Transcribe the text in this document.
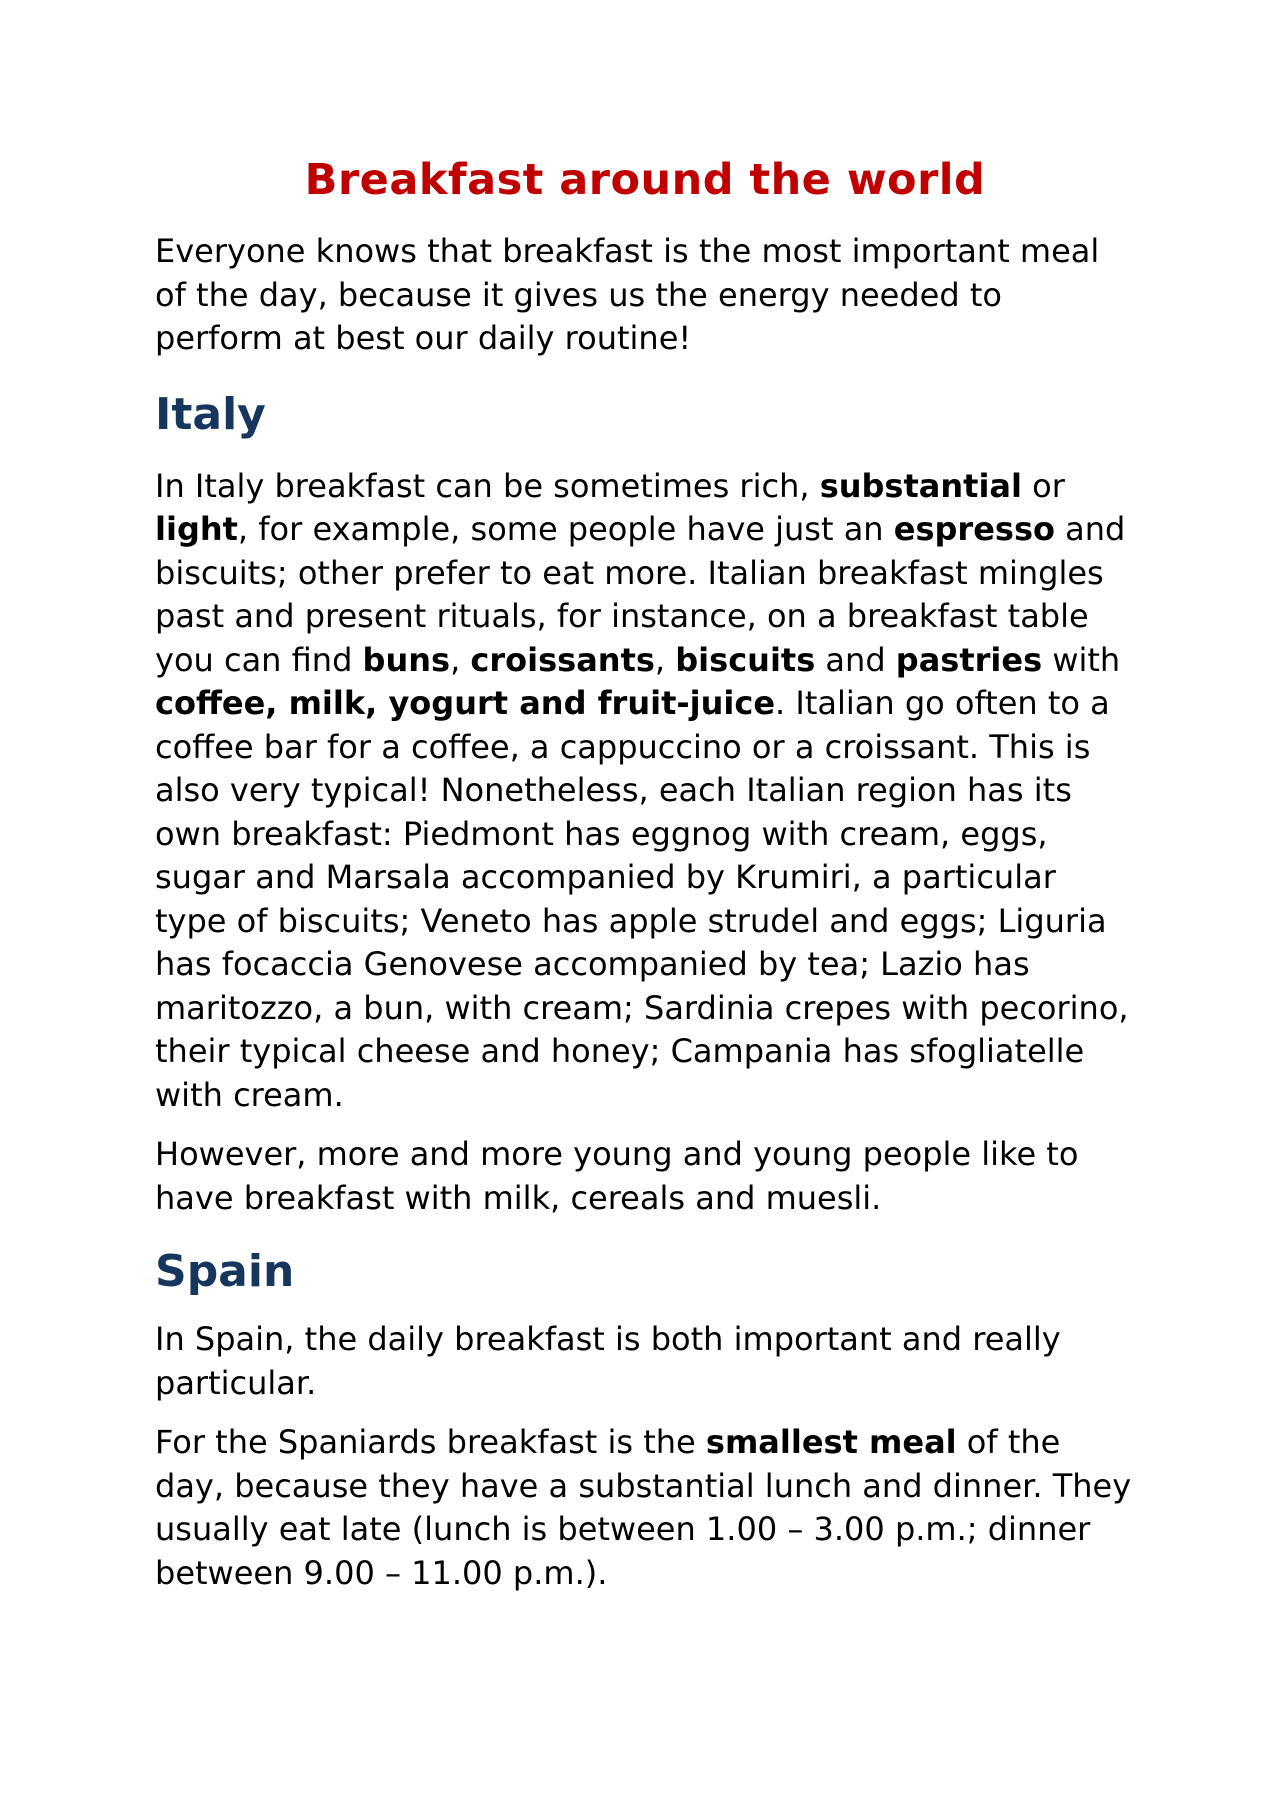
Breakfast around the world

Everyone knows that breakfast is the most important meal of the day, because it gives us the energy needed to perform at best our daily routine!

Italy

In Italy breakfast can be sometimes rich, substantial or light, for example, some people have just an espresso and biscuits; other prefer to eat more. Italian breakfast mingles past and present rituals, for instance, on a breakfast table you can find buns, croissants, biscuits and pastries with coffee, milk, yogurt and fruit-juice. Italian go often to a coffee bar for a coffee, a cappuccino or a croissant. This is also very typical! Nonetheless, each Italian region has its own breakfast: Piedmont has eggnog with cream, eggs, sugar and Marsala accompanied by Krumiri, a particular type of biscuits; Veneto has apple strudel and eggs; Liguria has focaccia Genovese accompanied by tea; Lazio has maritozzo, a bun, with cream; Sardinia crepes with pecorino, their typical cheese and honey; Campania has sfogliatelle with cream.

However, more and more young and young people like to have breakfast with milk, cereals and muesli.

Spain

In Spain, the daily breakfast is both important and really particular.

For the Spaniards breakfast is the smallest meal of the day, because they have a substantial lunch and dinner. They usually eat late (lunch is between 1.00 – 3.00 p.m.; dinner between 9.00 – 11.00 p.m.).
